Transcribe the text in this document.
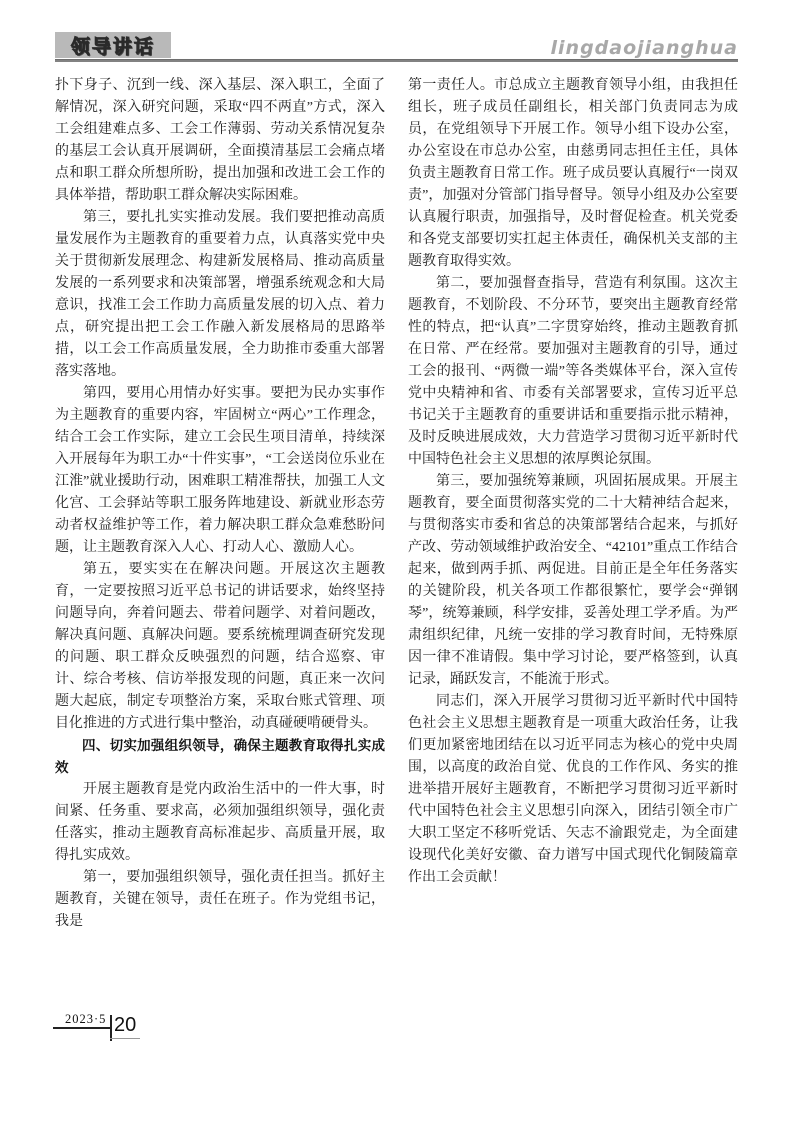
领导讲话	lingdaojianghua

扑下身子、沉到一线、深入基层、深入职工，全面了解情况，深入研究问题，采取“四不两直”方式，深入工会组建难点多、工会工作薄弱、劳动关系情况复杂的基层工会认真开展调研，全面摸清基层工会痛点堵点和职工群众所想所盼，提出加强和改进工会工作的具体举措，帮助职工群众解决实际困难。

第三，要扎扎实实推动发展。我们要把推动高质量发展作为主题教育的重要着力点，认真落实党中央关于贯彻新发展理念、构建新发展格局、推动高质量发展的一系列要求和决策部署，增强系统观念和大局意识，找准工会工作助力高质量发展的切入点、着力点，研究提出把工会工作融入新发展格局的思路举措，以工会工作高质量发展，全力助推市委重大部署落实落地。

第四，要用心用情办好实事。要把为民办实事作为主题教育的重要内容，牢固树立“两心”工作理念，结合工会工作实际，建立工会民生项目清单，持续深入开展每年为职工办“十件实事”，“工会送岗位乐业在江淮”就业援助行动，困难职工精准帮扶，加强工人文化宫、工会驿站等职工服务阵地建设、新就业形态劳动者权益维护等工作，着力解决职工群众急难愁盼问题，让主题教育深入人心、打动人心、激励人心。

第五，要实实在在解决问题。开展这次主题教育，一定要按照习近平总书记的讲话要求，始终坚持问题导向，奔着问题去、带着问题学、对着问题改，解决真问题、真解决问题。要系统梳理调查研究发现的问题、职工群众反映强烈的问题，结合巡察、审计、综合考核、信访举报发现的问题，真正来一次问题大起底，制定专项整治方案，采取台账式管理、项目化推进的方式进行集中整治，动真碰硬啃硬骨头。

四、切实加强组织领导，确保主题教育取得扎实成效

开展主题教育是党内政治生活中的一件大事，时间紧、任务重、要求高，必须加强组织领导，强化责任落实，推动主题教育高标准起步、高质量开展，取得扎实成效。

第一，要加强组织领导，强化责任担当。抓好主题教育，关键在领导，责任在班子。作为党组书记，我是

第一责任人。市总成立主题教育领导小组，由我担任组长，班子成员任副组长，相关部门负责同志为成员，在党组领导下开展工作。领导小组下设办公室，办公室设在市总办公室，由慈勇同志担任主任，具体负责主题教育日常工作。班子成员要认真履行“一岗双责”，加强对分管部门指导督导。领导小组及办公室要认真履行职责，加强指导，及时督促检查。机关党委和各党支部要切实扛起主体责任，确保机关支部的主题教育取得实效。

第二，要加强督查指导，营造有利氛围。这次主题教育，不划阶段、不分环节，要突出主题教育经常性的特点，把“认真”二字贯穿始终，推动主题教育抓在日常、严在经常。要加强对主题教育的引导，通过工会的报刊、“两微一端”等各类媒体平台，深入宣传党中央精神和省、市委有关部署要求，宣传习近平总书记关于主题教育的重要讲话和重要指示批示精神，及时反映进展成效，大力营造学习贯彻习近平新时代中国特色社会主义思想的浓厚舆论氛围。

第三，要加强统筹兼顾，巩固拓展成果。开展主题教育，要全面贯彻落实党的二十大精神结合起来，与贯彻落实市委和省总的决策部署结合起来，与抓好产改、劳动领域维护政治安全、“42101”重点工作结合起来，做到两手抓、两促进。目前正是全年任务落实的关键阶段，机关各项工作都很繁忙，要学会“弹钢琴”，统筹兼顾，科学安排，妥善处理工学矛盾。为严肃组织纪律，凡统一安排的学习教育时间，无特殊原因一律不准请假。集中学习讨论，要严格签到，认真记录，踊跃发言，不能流于形式。

同志们，深入开展学习贯彻习近平新时代中国特色社会主义思想主题教育是一项重大政治任务，让我们更加紧密地团结在以习近平同志为核心的党中央周围，以高度的政治自觉、优良的工作作风、务实的推进举措开展好主题教育，不断把学习贯彻习近平新时代中国特色社会主义思想引向深入，团结引领全市广大职工坚定不移听党话、矢志不渝跟党走，为全面建设现代化美好安徽、奋力谱写中国式现代化铜陵篇章作出工会贡献！

2023·5 20
